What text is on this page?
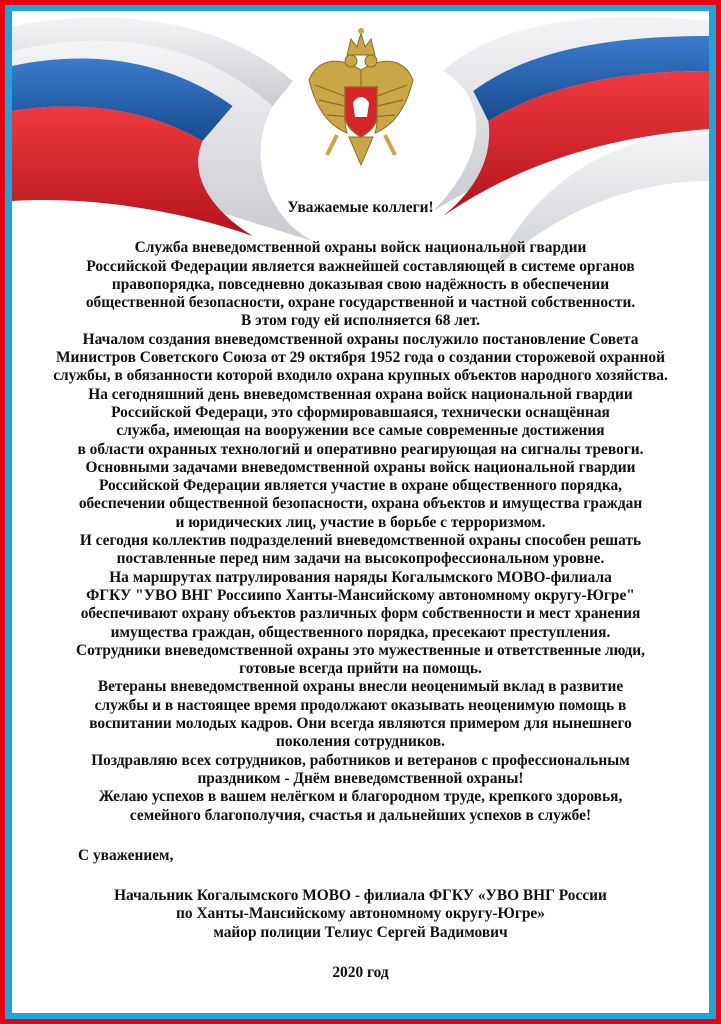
Уважаемые коллеги!
Служба вневедомственной охраны войск национальной гвардии
Российской Федерации является важнейшей составляющей в системе органов
правопорядка, повседневно доказывая свою надёжность в обеспечении
общественной безопасности, охране государственной и частной собственности.
В этом году ей исполняется 68 лет.
Началом создания вневедомственной охраны послужило постановление Совета
Министров Советского Союза от 29 октября 1952 года о создании сторожевой охранной
службы, в обязанности которой входило охрана крупных объектов народного хозяйства.
На сегодняшний день вневедомственная охрана войск национальной гвардии
Российской Федераци, это сформировавшаяся, технически оснащённая
служба, имеющая на вооружении все самые современные достижения
в области охранных технологий и оперативно реагирующая на сигналы тревоги.
Основными задачами вневедомственной охраны войск национальной гвардии
Российской Федерации является участие в охране общественного порядка,
обеспечении общественной безопасности, охрана объектов и имущества граждан
и юридических лиц, участие в борьбе с терроризмом.
И сегодня коллектив подразделений вневедомственной охраны способен решать
поставленные перед ним задачи на высокопрофессиональном уровне.
На маршрутах патрулирования наряды Когалымского МОВО-филиала
ФГКУ "УВО ВНГ Россиипо Ханты-Мансийскому автономному округу-Югре"
обеспечивают охрану объектов различных форм собственности и мест хранения
имущества граждан, общественного порядка, пресекают преступления.
Сотрудники вневедомственной охраны это мужественные и ответственные люди,
готовые всегда прийти на помощь.
Ветераны вневедомственной охраны внесли неоценимый вклад в развитие
службы и в настоящее время продолжают оказывать неоценимую помощь в
воспитании молодых кадров. Они всегда являются примером для нынешнего
поколения сотрудников.
Поздравляю всех сотрудников, работников и ветеранов с профессиональным
праздником - Днём вневедомственной охраны!
Желаю успехов в вашем нелёгком и благородном труде, крепкого здоровья,
семейного благополучия, счастья и дальнейших успехов в службе!
С уважением,
Начальник Когалымского МОВО - филиала ФГКУ «УВО ВНГ России
по Ханты-Мансийскому автономному округу-Югре»
майор полиции Телиус Сергей Вадимович
2020 год
